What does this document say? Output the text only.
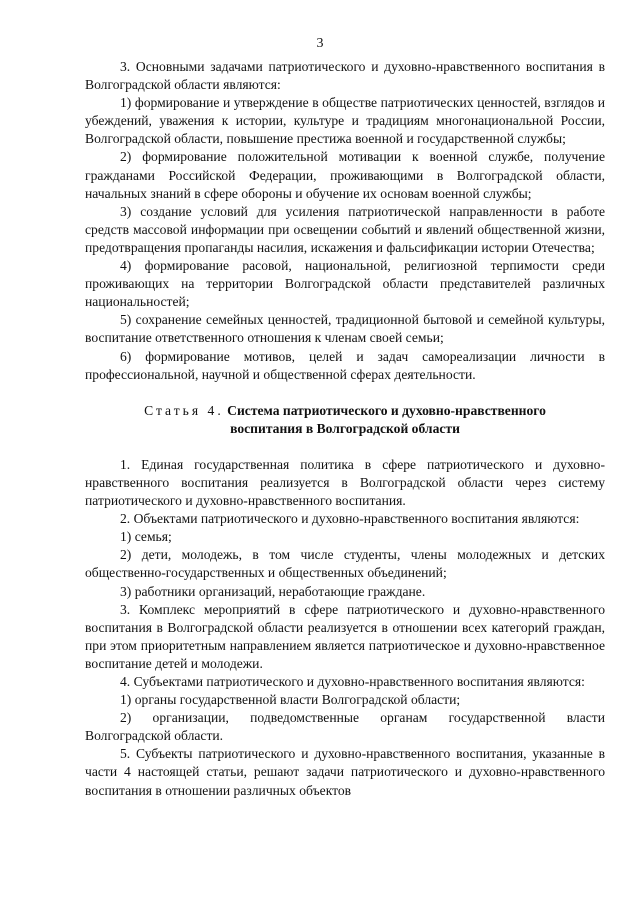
3

3. Основными задачами патриотического и духовно-нравственного воспитания в Волгоградской области являются:

1) формирование и утверждение в обществе патриотических ценностей, взглядов и убеждений, уважения к истории, культуре и традициям многонациональной России, Волгоградской области, повышение престижа военной и государственной службы;

2) формирование положительной мотивации к военной службе, получение гражданами Российской Федерации, проживающими в Волгоградской области, начальных знаний в сфере обороны и обучение их основам военной службы;

3) создание условий для усиления патриотической направленности в работе средств массовой информации при освещении событий и явлений общественной жизни, предотвращения пропаганды насилия, искажения и фальсификации истории Отечества;

4) формирование расовой, национальной, религиозной терпимости среди проживающих на территории Волгоградской области представителей различных национальностей;

5) сохранение семейных ценностей, традиционной бытовой и семейной культуры, воспитание ответственного отношения к членам своей семьи;

6) формирование мотивов, целей и задач самореализации личности в профессиональной, научной и общественной сферах деятельности.

Статья 4. Система патриотического и духовно-нравственного
воспитания в Волгоградской области

1. Единая государственная политика в сфере патриотического и духовно-нравственного воспитания реализуется в Волгоградской области через систему патриотического и духовно-нравственного воспитания.

2. Объектами патриотического и духовно-нравственного воспитания являются:

1) семья;

2) дети, молодежь, в том числе студенты, члены молодежных и детских общественно-государственных и общественных объединений;

3) работники организаций, неработающие граждане.

3. Комплекс мероприятий в сфере патриотического и духовно-нравственного воспитания в Волгоградской области реализуется в отношении всех категорий граждан, при этом приоритетным направлением является патриотическое и духовно-нравственное воспитание детей и молодежи.

4. Субъектами патриотического и духовно-нравственного воспитания являются:

1) органы государственной власти Волгоградской области;

2) организации, подведомственные органам государственной власти Волгоградской области.

5. Субъекты патриотического и духовно-нравственного воспитания, указанные в части 4 настоящей статьи, решают задачи патриотического и духовно-нравственного воспитания в отношении различных объектов
